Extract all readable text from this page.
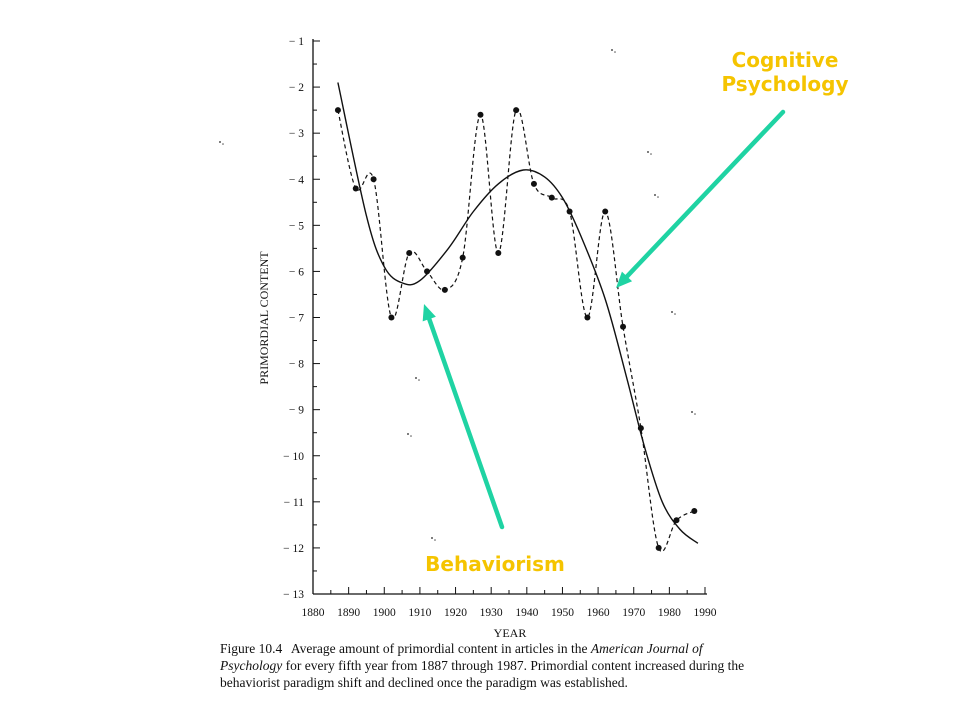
− 1
− 2
− 3
− 4
− 5
− 6
− 7
− 8
− 9
− 10
− 11
− 12
− 13
1880 1890 1900 1910 1920 1930 1940 1950 1960 1970 1980 1990
YEAR
PRIMORDIAL CONTENT
Cognitive
Psychology
Behaviorism
Figure 10.4 Average amount of primordial content in articles in the American Journal of Psychology for every fifth year from 1887 through 1987. Primordial content increased during the behaviorist paradigm shift and declined once the paradigm was established.
